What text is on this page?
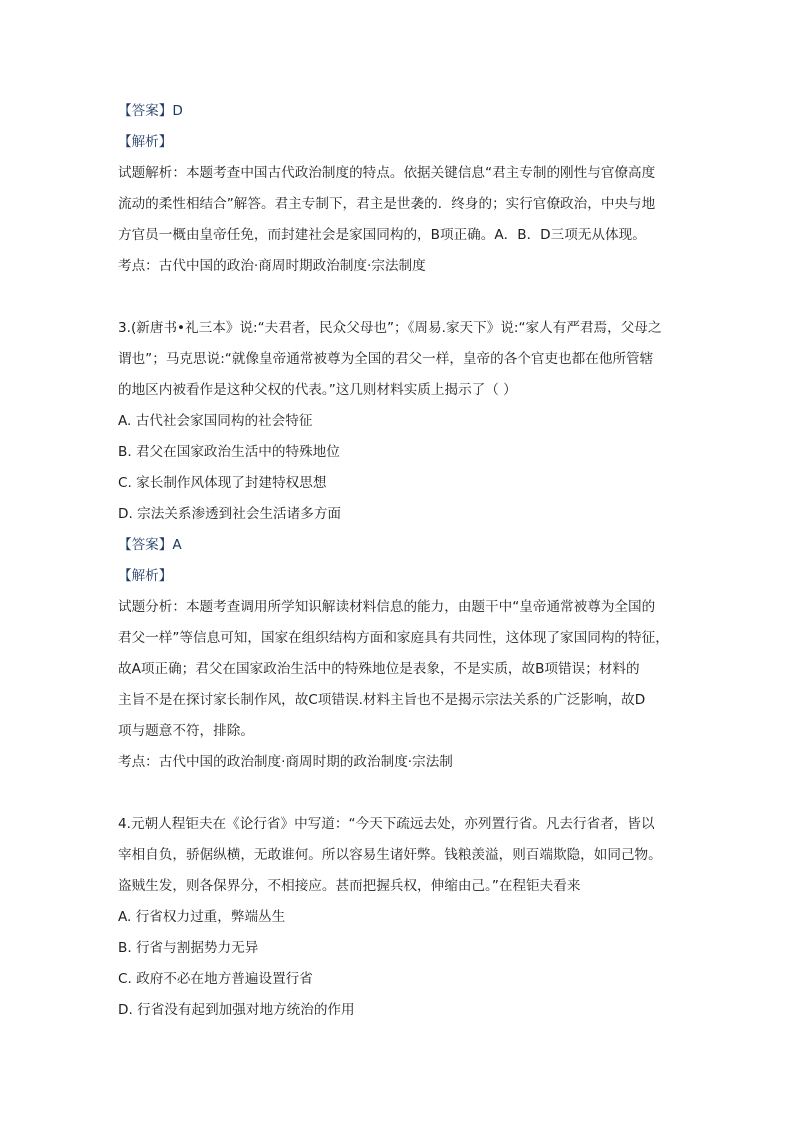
【答案】D
【解析】
试题解析：本题考查中国古代政治制度的特点。依据关键信息“君主专制的刚性与官僚高度
流动的柔性相结合”解答。君主专制下，君主是世袭的．终身的；实行官僚政治，中央与地
方官员一概由皇帝任免，而封建社会是家国同构的，B项正确。A．B．D三项无从体现。
考点：古代中国的政治·商周时期政治制度·宗法制度
3.(新唐书•礼三本》说:“夫君者，民众父母也”；《周易.家天下》说:“家人有严君焉，父母之
谓也”；马克思说:“就像皇帝通常被尊为全国的君父一样，皇帝的各个官吏也都在他所管辖
的地区内被看作是这种父权的代表。”这几则材料实质上揭示了（ ）
A. 古代社会家国同构的社会特征
B. 君父在国家政治生活中的特殊地位
C. 家长制作风体现了封建特权思想
D. 宗法关系渗透到社会生活诸多方面
【答案】A
【解析】
试题分析：本题考查调用所学知识解读材料信息的能力，由题干中“皇帝通常被尊为全国的
君父一样”等信息可知，国家在组织结构方面和家庭具有共同性，这体现了家国同构的特征，
故A项正确；君父在国家政治生活中的特殊地位是表象，不是实质，故B项错误；材料的
主旨不是在探讨家长制作风，故C项错误.材料主旨也不是揭示宗法关系的广泛影响，故D
项与题意不符，排除。
考点：古代中国的政治制度·商周时期的政治制度·宗法制
4.元朝人程钜夫在《论行省》中写道：“今天下疏远去处，亦列置行省。凡去行省者，皆以
宰相自负，骄倨纵横，无敢谁何。所以容易生诸奸弊。钱粮羡溢，则百端欺隐，如同己物。
盗贼生发，则各保界分，不相接应。甚而把握兵权，伸缩由己。”在程钜夫看来
A. 行省权力过重，弊端丛生
B. 行省与割据势力无异
C. 政府不必在地方普遍设置行省
D. 行省没有起到加强对地方统治的作用
